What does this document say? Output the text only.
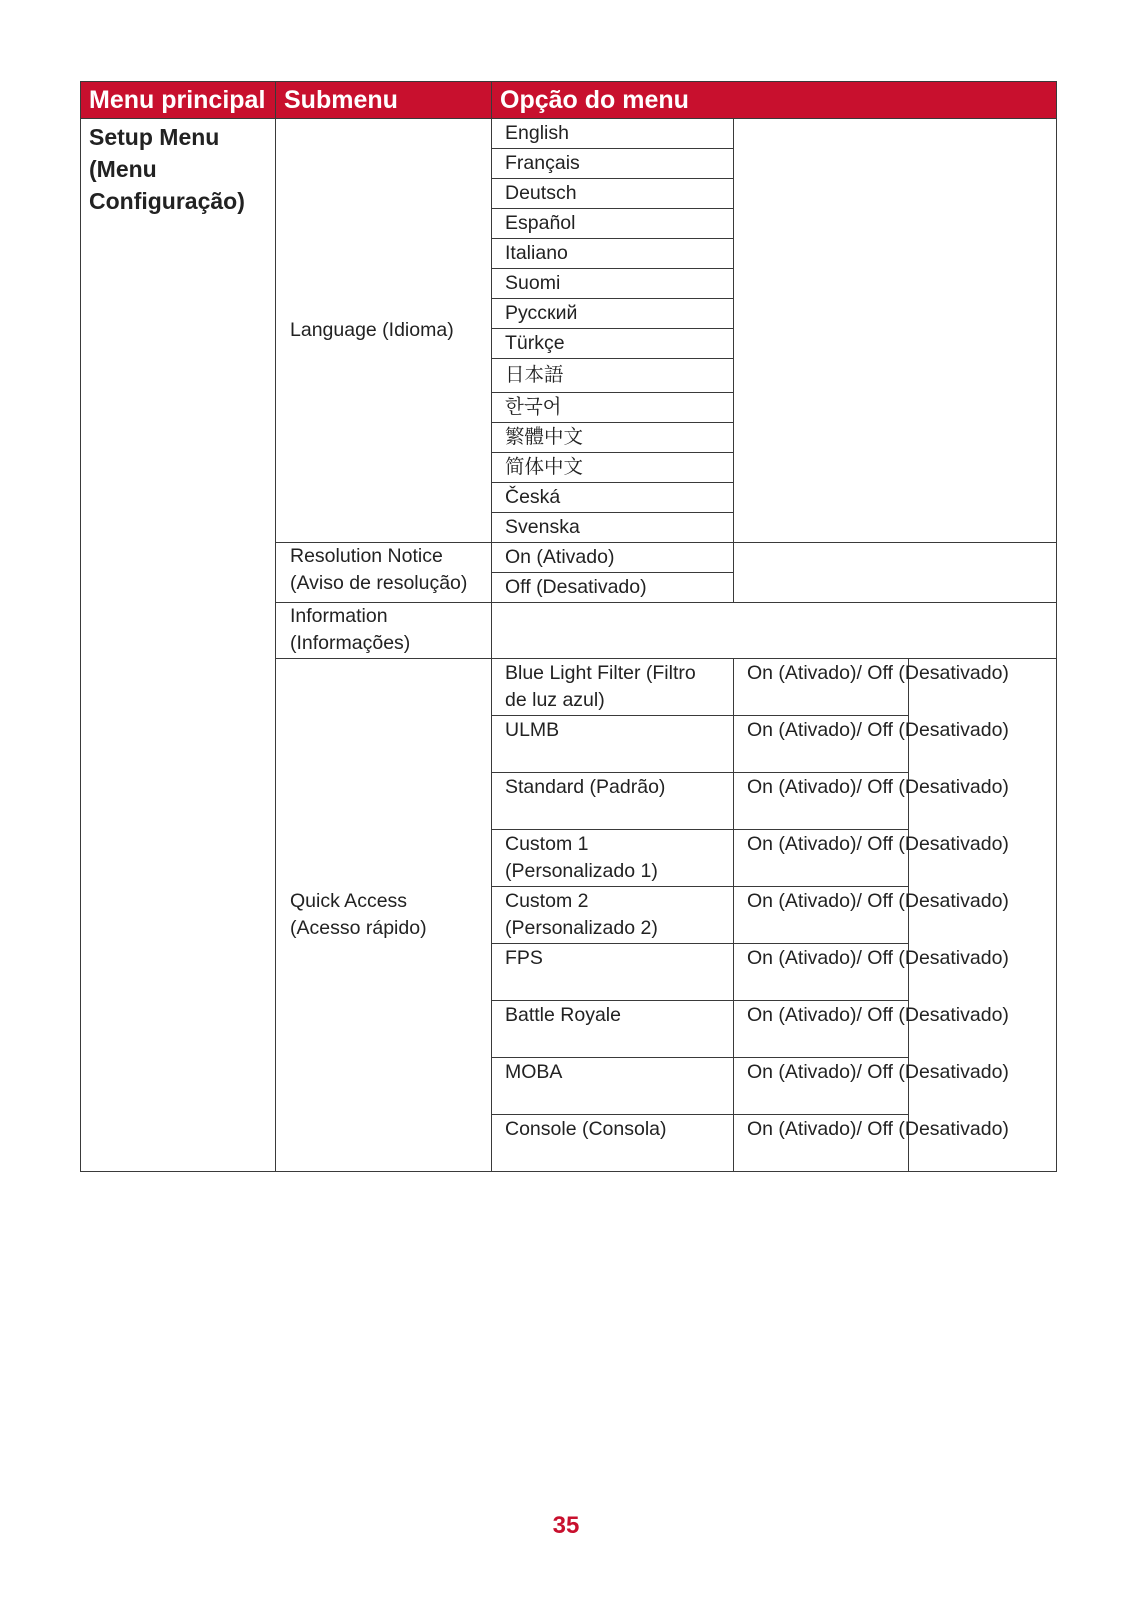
Menu principal	Submenu	Opção do menu		
Setup Menu (Menu Configuração)	Language (Idioma)	English		
		Français		
		Deutsch		
		Español		
		Italiano		
		Suomi		
		Русский		
		Türkçe		
		日本語		
		한국어		
		繁體中文		
		简体中文		
		Česká		
		Svenska		
	Resolution Notice (Aviso de resolução)	On (Ativado)		
		Off (Desativado)		
	Information (Informações)			
	Quick Access (Acesso rápido)	Blue Light Filter (Filtro de luz azul)	On (Ativado)/ Off (Desativado)	
		ULMB	On (Ativado)/ Off (Desativado)	
		Standard (Padrão)	On (Ativado)/ Off (Desativado)	
		Custom 1 (Personalizado 1)	On (Ativado)/ Off (Desativado)	
		Custom 2 (Personalizado 2)	On (Ativado)/ Off (Desativado)	
		FPS	On (Ativado)/ Off (Desativado)	
		Battle Royale	On (Ativado)/ Off (Desativado)	
		MOBA	On (Ativado)/ Off (Desativado)	
		Console (Consola)	On (Ativado)/ Off (Desativado)	
35
